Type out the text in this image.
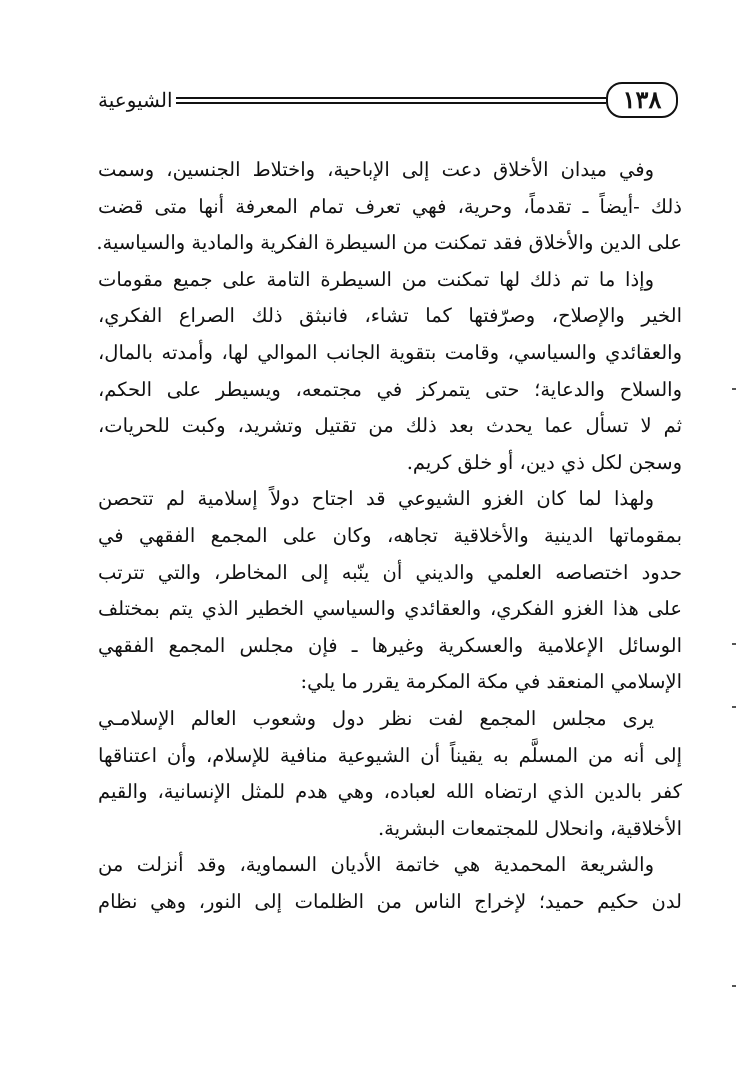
الشيوعية	١٣٨
وفي ميدان الأخلاق دعت إلى الإباحية، واختلاط الجنسين، وسمت
ذلك -أيضاً ـ تقدماً، وحرية، فهي تعرف تمام المعرفة أنها متى قضت
على الدين والأخلاق فقد تمكنت من السيطرة الفكرية والمادية والسياسية.
وإذا ما تم ذلك لها تمكنت من السيطرة التامة على جميع مقومات
الخير والإصلاح، وصرّفتها كما تشاء، فانبثق ذلك الصراع الفكري،
والعقائدي والسياسي، وقامت بتقوية الجانب الموالي لها، وأمدته بالمال،
والسلاح والدعاية؛ حتى يتمركز في مجتمعه، ويسيطر على الحكم،
ثم لا تسأل عما يحدث بعد ذلك من تقتيل وتشريد، وكبت للحريات،
وسجن لكل ذي دين، أو خلق كريم.
ولهذا لما كان الغزو الشيوعي قد اجتاح دولاً إسلامية لم تتحصن
بمقوماتها الدينية والأخلاقية تجاهه، وكان على المجمع الفقهي في
حدود اختصاصه العلمي والديني أن ينّبه إلى المخاطر، والتي تترتب
على هذا الغزو الفكري، والعقائدي والسياسي الخطير الذي يتم بمختلف
الوسائل الإعلامية والعسكرية وغيرها ـ فإن مجلس المجمع الفقهي
الإسلامي المنعقد في مكة المكرمة يقرر ما يلي:
يرى مجلس المجمع لفت نظر دول وشعوب العالم الإسلامـي
إلى أنه من المسلَّم به يقيناً أن الشيوعية منافية للإسلام، وأن اعتناقها
كفر بالدين الذي ارتضاه الله لعباده، وهي هدم للمثل الإنسانية، والقيم
الأخلاقية، وانحلال للمجتمعات البشرية.
والشريعة المحمدية هي خاتمة الأديان السماوية، وقد أنزلت من
لدن حكيم حميد؛ لإخراج الناس من الظلمات إلى النور، وهي نظام
